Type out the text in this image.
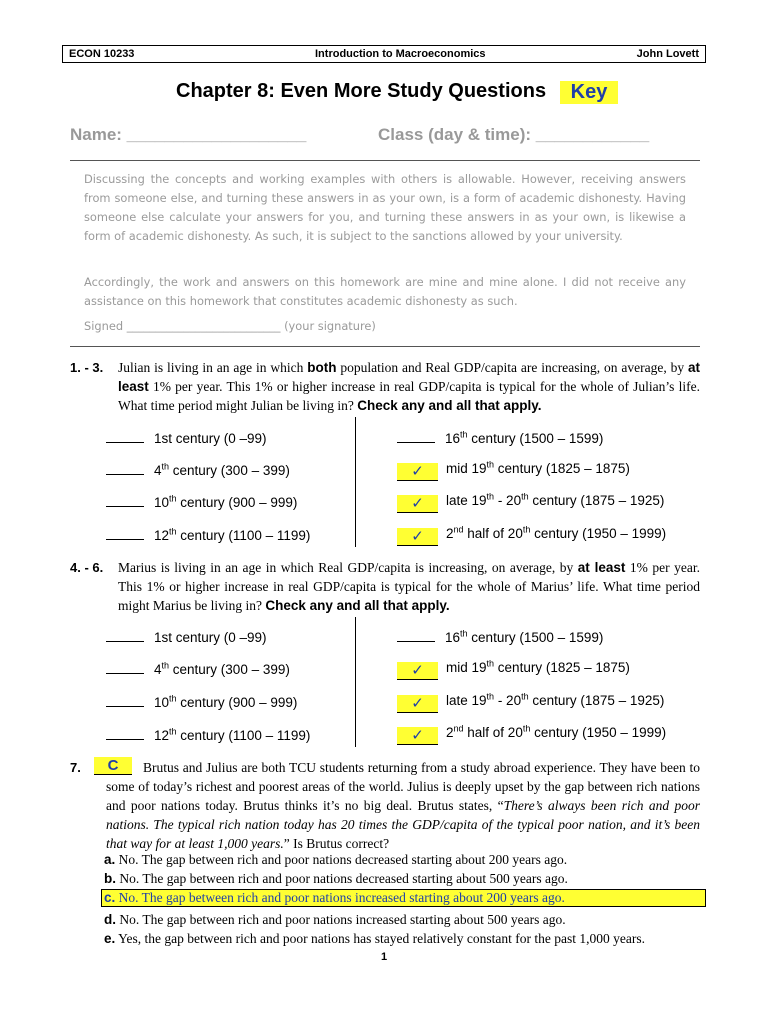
ECON 10233	Introduction to Macroeconomics	John Lovett
Chapter 8: Even More Study Questions	Key
Name: ___________________	Class (day & time): ____________
Discussing the concepts and working examples with others is allowable. However, receiving answers from someone else, and turning these answers in as your own, is a form of academic dishonesty. Having someone else calculate your answers for you, and turning these answers in as your own, is likewise a form of academic dishonesty. As such, it is subject to the sanctions allowed by your university.
Accordingly, the work and answers on this homework are mine and mine alone. I did not receive any assistance on this homework that constitutes academic dishonesty as such.
Signed ___________________________ (your signature)
1. - 3. Julian is living in an age in which both population and Real GDP/capita are increasing, on average, by at least 1% per year. This 1% or higher increase in real GDP/capita is typical for the whole of Julian’s life. What time period might Julian be living in? Check any and all that apply.
1st century (0 –99)
4th century (300 – 399)
10th century (900 – 999)
12th century (1100 – 1199)
16th century (1500 – 1599)
✓ mid 19th century (1825 – 1875)
✓ late 19th - 20th century (1875 – 1925)
✓ 2nd half of 20th century (1950 – 1999)
4. - 6. Marius is living in an age in which Real GDP/capita is increasing, on average, by at least 1% per year. This 1% or higher increase in real GDP/capita is typical for the whole of Marius’ life. What time period might Marius be living in? Check any and all that apply.
1st century (0 –99)
4th century (300 – 399)
10th century (900 – 999)
12th century (1100 – 1199)
16th century (1500 – 1599)
✓ mid 19th century (1825 – 1875)
✓ late 19th - 20th century (1875 – 1925)
✓ 2nd half of 20th century (1950 – 1999)
7.	C	Brutus and Julius are both TCU students returning from a study abroad experience. They have been to some of today’s richest and poorest areas of the world. Julius is deeply upset by the gap between rich nations and poor nations today. Brutus thinks it’s no big deal. Brutus states, “There’s always been rich and poor nations. The typical rich nation today has 20 times the GDP/capita of the typical poor nation, and it’s been that way for at least 1,000 years.” Is Brutus correct?
a. No. The gap between rich and poor nations decreased starting about 200 years ago.
b. No. The gap between rich and poor nations decreased starting about 500 years ago.
c. No. The gap between rich and poor nations increased starting about 200 years ago.
d. No. The gap between rich and poor nations increased starting about 500 years ago.
e. Yes, the gap between rich and poor nations has stayed relatively constant for the past 1,000 years.
1
